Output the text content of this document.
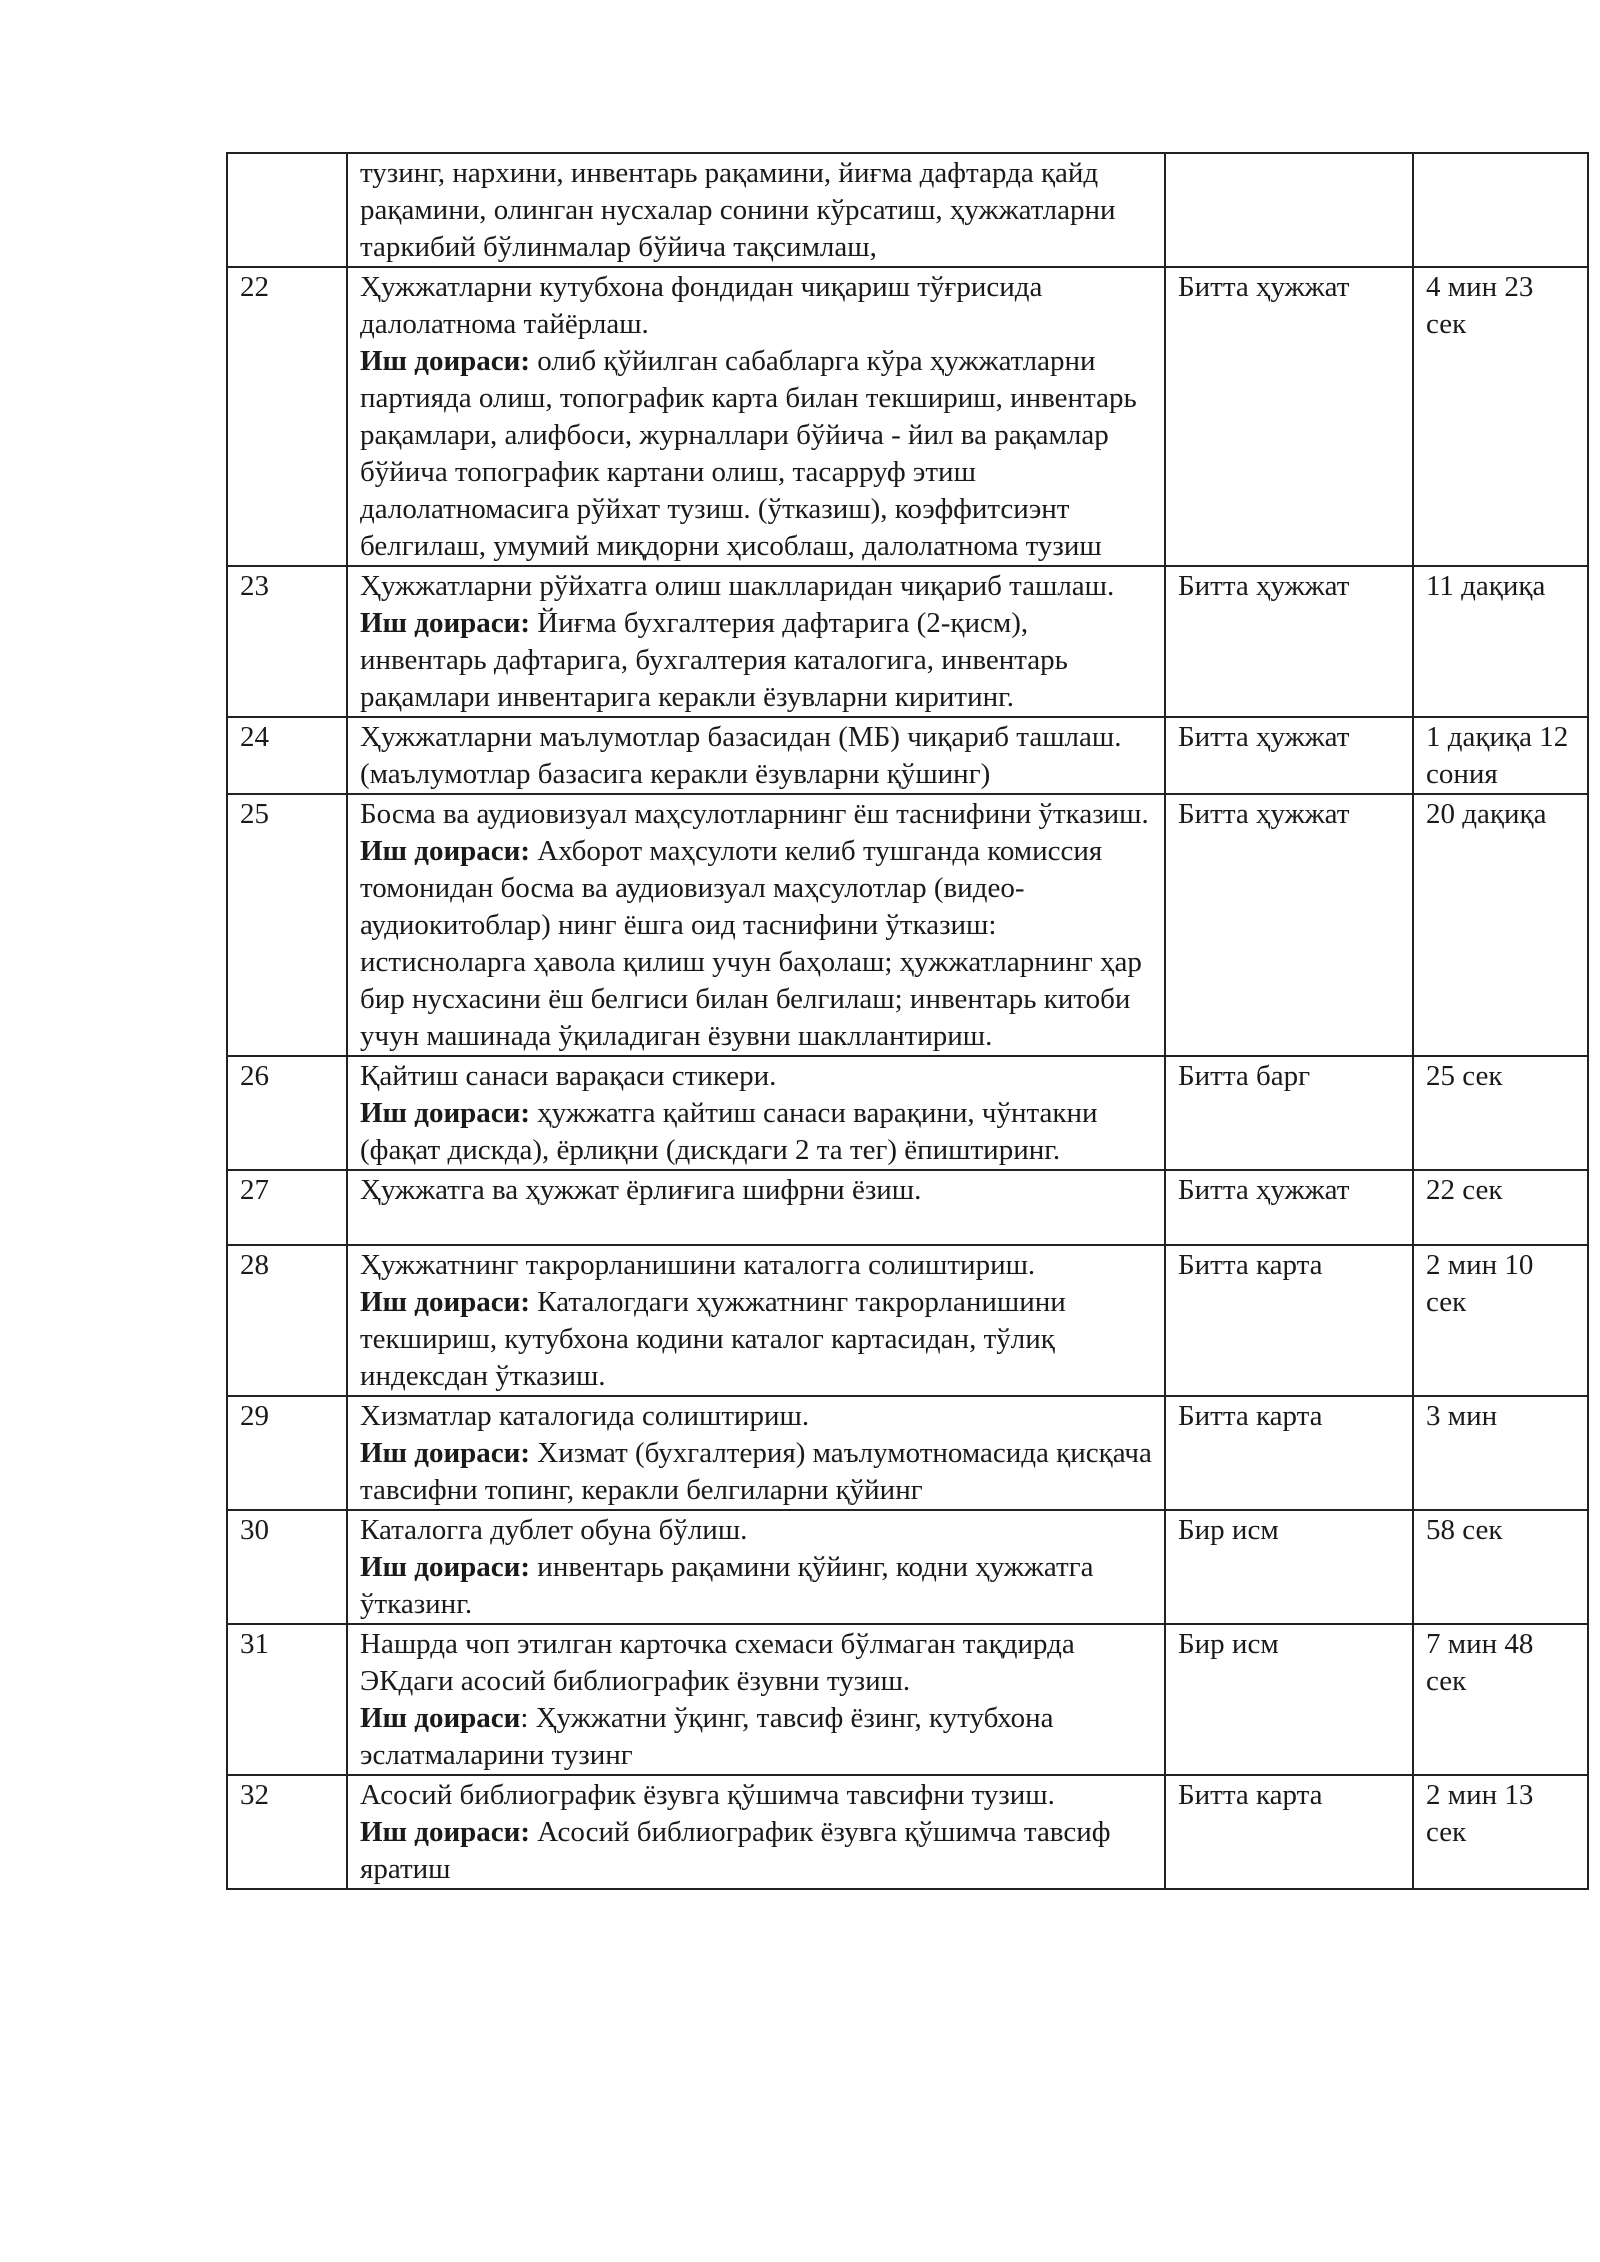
	тузинг, нархини, инвентарь рақамини, йиғма дафтарда қайд рақамини, олинган нусхалар сонини кўрсатиш, ҳужжатларни таркибий бўлинмалар бўйича тақсимлаш,		

22	Ҳужжатларни кутубхона фондидан чиқариш тўғрисида далолатнома тайёрлаш.
Иш доираси: олиб қўйилган сабабларга кўра ҳужжатларни партияда олиш, топографик карта билан текшириш, инвентарь рақамлари, алифбоси, журналлари бўйича - йил ва рақамлар бўйича топографик картани олиш, тасарруф этиш далолатномасига рўйхат тузиш. (ўтказиш), коэффитсиэнт белгилаш, умумий миқдорни ҳисоблаш, далолатнома тузиш	Битта ҳужжат	4 мин 23 сек
23	Ҳужжатларни рўйхатга олиш шаклларидан чиқариб ташлаш.
Иш доираси: Йиғма бухгалтерия дафтарига (2-қисм), инвентарь дафтарига, бухгалтерия каталогига, инвентарь рақамлари инвентарига керакли ёзувларни киритинг.	Битта ҳужжат	11 дақиқа
24	Ҳужжатларни маълумотлар базасидан (МБ) чиқариб ташлаш.
(маълумотлар базасига керакли ёзувларни қўшинг)	Битта ҳужжат	1 дақиқа 12 сония
25	Босма ва аудиовизуал маҳсулотларнинг ёш таснифини ўтказиш.
Иш доираси: Ахборот маҳсулоти келиб тушганда комиссия томонидан босма ва аудиовизуал маҳсулотлар (видео-аудиокитоблар) нинг ёшга оид таснифини ўтказиш: истиснoларга ҳавола қилиш учун баҳолаш; ҳужжатларнинг ҳар бир нусхасини ёш белгиси билан белгилаш; инвентарь китоби учун машинада ўқиладиган ёзувни шакллантириш.	Битта ҳужжат	20 дақиқа
26	Қайтиш санаси варақаси стикери.
Иш доираси: ҳужжатга қайтиш санаси варақини, чўнтакни (фақат дискда), ёрлиқни (дискдаги 2 та тег) ёпиштиринг.	Битта барг	25 сек
27	Ҳужжатга ва ҳужжат ёрлиғига шифрни ёзиш.	Битта ҳужжат	22 сек
28	Ҳужжатнинг такрорланишини каталогга солиштириш.
Иш доираси: Каталогдаги ҳужжатнинг такрорланишини текшириш, кутубхона кодини каталог картасидан, тўлиқ индексдан ўтказиш.	Битта карта	2 мин 10 сек
29	Хизматлар каталогида солиштириш.
Иш доираси: Хизмат (бухгалтерия) маълумотномасида қисқача тавсифни топинг, керакли белгиларни қўйинг	Битта карта	3 мин
30	Каталогга дублет обуна бўлиш.
Иш доираси: инвентарь рақамини қўйинг, кодни ҳужжатга ўтказинг.	Бир исм	58 сек
31	Нашрда чоп этилган карточка схемаси бўлмаган тақдирда ЭКдаги асосий библиографик ёзувни тузиш.
Иш доираси: Ҳужжатни ўқинг, тавсиф ёзинг, кутубхона эслатмаларини тузинг	Бир исм	7 мин 48 сек
32	Асосий библиографик ёзувга қўшимча тавсифни тузиш.
Иш доираси: Асосий библиографик ёзувга қўшимча тавсиф яратиш	Битта карта	2 мин 13 сек
